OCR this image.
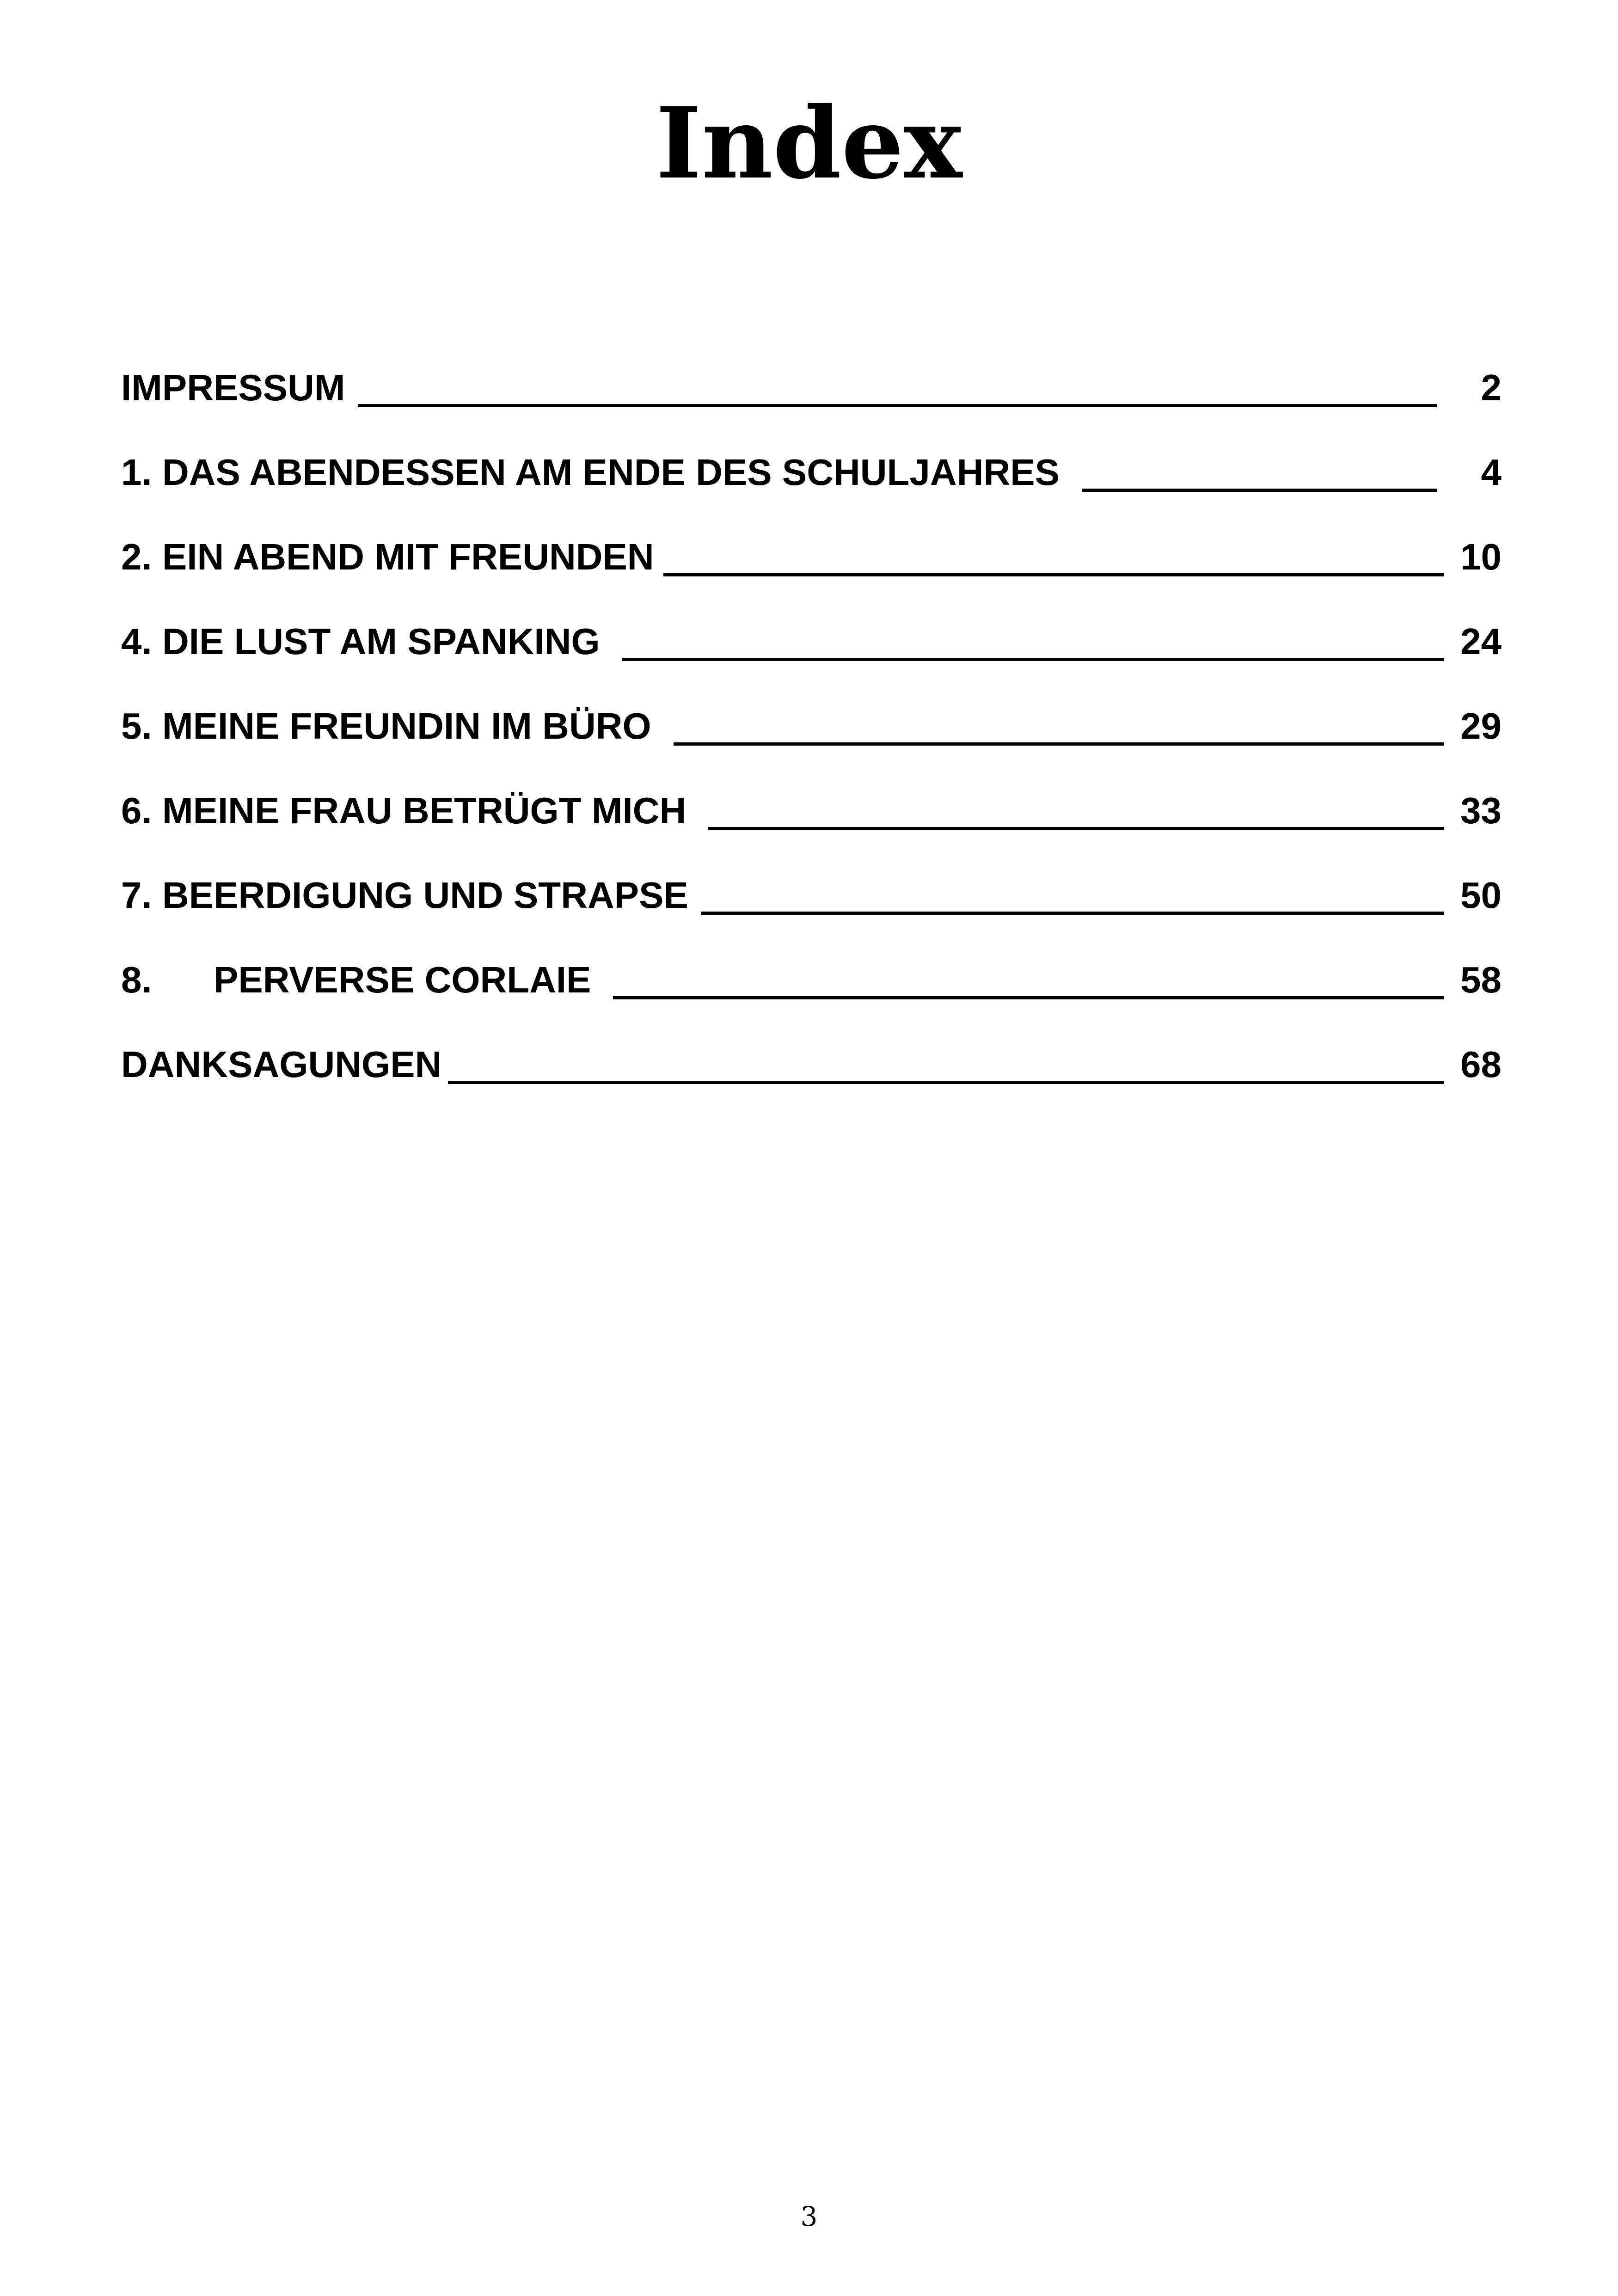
Index
IMPRESSUM	2
1. DAS ABENDESSEN AM ENDE DES SCHULJAHRES	4
2. EIN ABEND MIT FREUNDEN	10
4. DIE LUST AM SPANKING	24
5. MEINE FREUNDIN IM BÜRO	29
6. MEINE FRAU BETRÜGT MICH	33
7. BEERDIGUNG UND STRAPSE	50
8. PERVERSE CORLAIE	58
DANKSAGUNGEN	68
3
